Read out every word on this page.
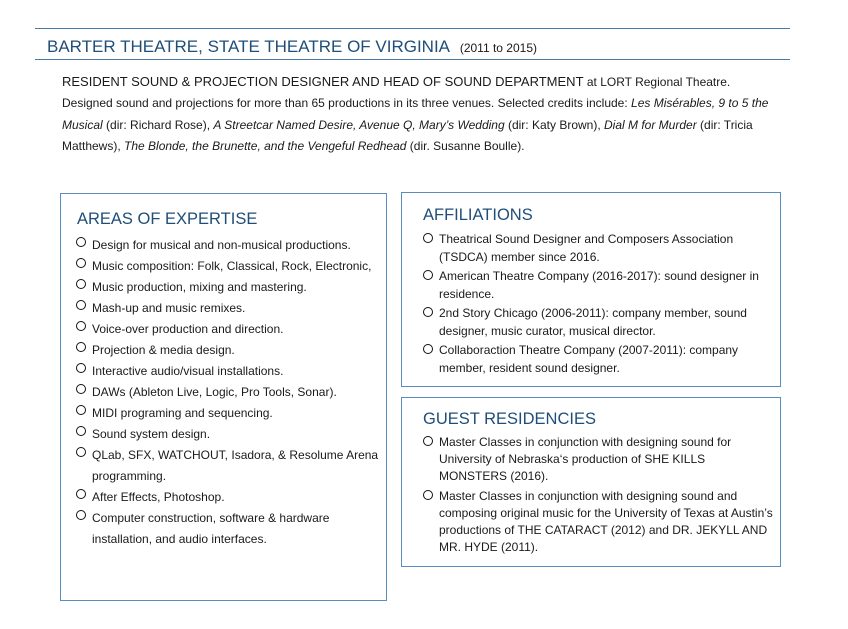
BARTER THEATRE, STATE THEATRE OF VIRGINIA (2011 to 2015)
RESIDENT SOUND & PROJECTION DESIGNER AND HEAD OF SOUND DEPARTMENT at LORT Regional Theatre.
Designed sound and projections for more than 65 productions in its three venues. Selected credits include: Les Misérables, 9 to 5 the Musical (dir: Richard Rose), A Streetcar Named Desire, Avenue Q, Mary’s Wedding (dir: Katy Brown), Dial M for Murder (dir: Tricia Matthews), The Blonde, the Brunette, and the Vengeful Redhead (dir. Susanne Boulle).
AREAS OF EXPERTISE
Design for musical and non-musical productions.
Music composition: Folk, Classical, Rock, Electronic,
Music production, mixing and mastering.
Mash-up and music remixes.
Voice-over production and direction.
Projection & media design.
Interactive audio/visual installations.
DAWs (Ableton Live, Logic, Pro Tools, Sonar).
MIDI programing and sequencing.
Sound system design.
QLab, SFX, WATCHOUT, Isadora, & Resolume Arena programming.
After Effects, Photoshop.
Computer construction, software & hardware installation, and audio interfaces.
AFFILIATIONS
Theatrical Sound Designer and Composers Association (TSDCA) member since 2016.
American Theatre Company (2016-2017): sound designer in residence.
2nd Story Chicago (2006-2011): company member, sound designer, music curator, musical director.
Collaboraction Theatre Company (2007-2011): company member, resident sound designer.
GUEST RESIDENCIES
Master Classes in conjunction with designing sound for University of Nebraska‘s production of SHE KILLS MONSTERS (2016).
Master Classes in conjunction with designing sound and composing original music for the University of Texas at Austin’s productions of THE CATARACT (2012) and DR. JEKYLL AND MR. HYDE (2011).
